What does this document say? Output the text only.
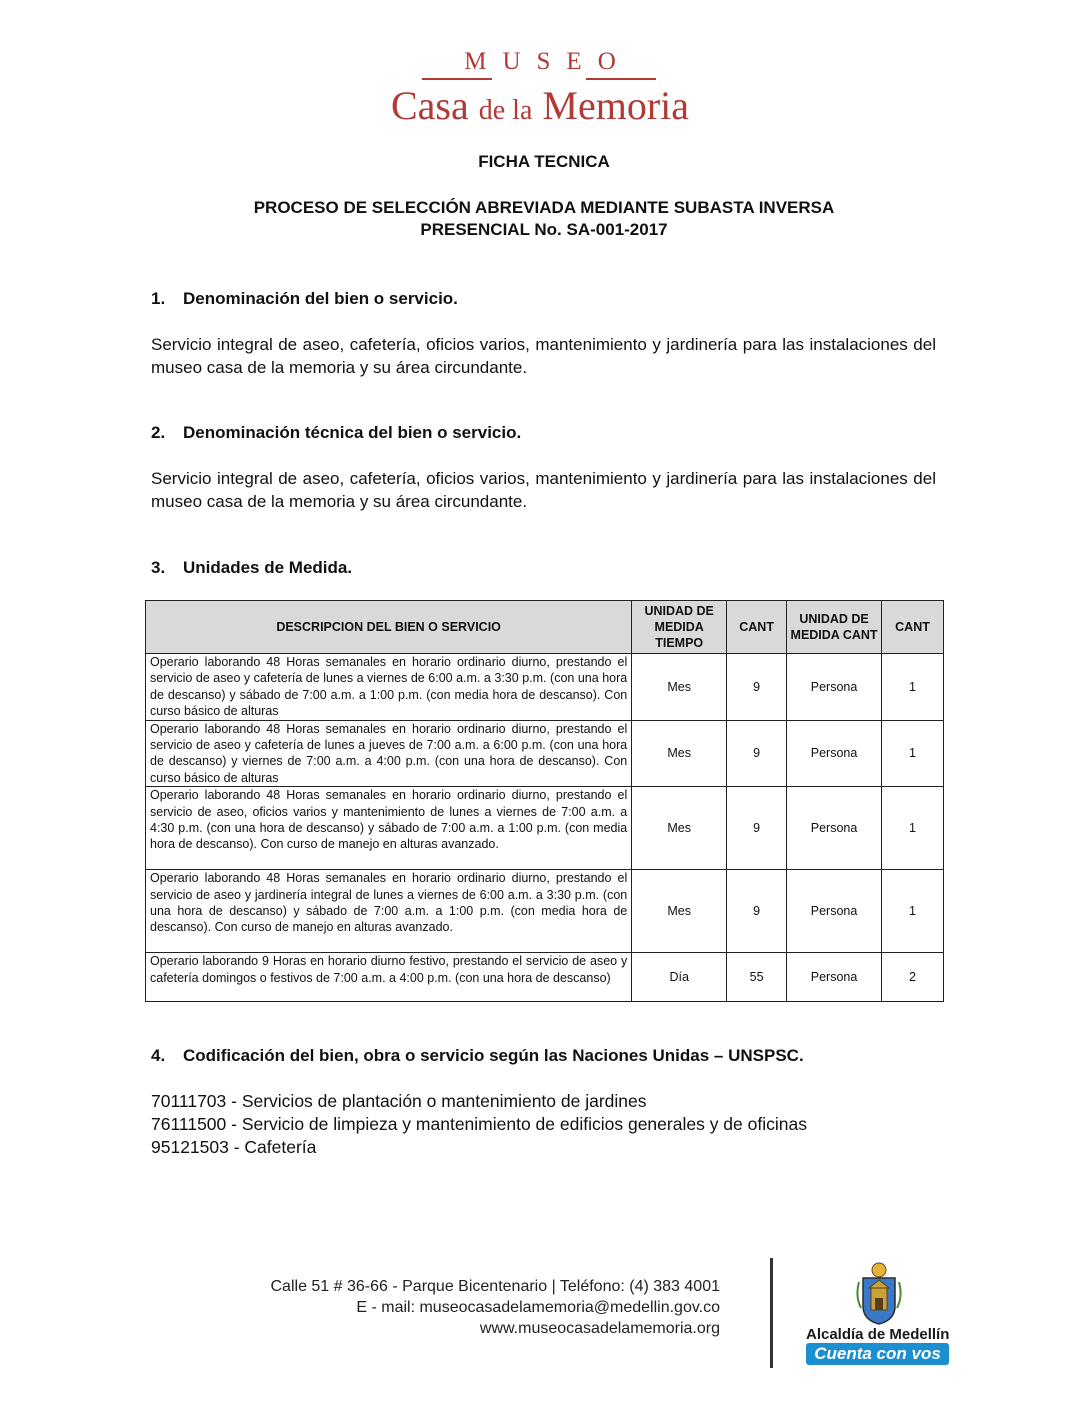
MUSEO
Casa de la Memoria
FICHA TECNICA
PROCESO DE SELECCIÓN ABREVIADA MEDIANTE SUBASTA INVERSA
PRESENCIAL No. SA-001-2017
1. Denominación del bien o servicio.
Servicio integral de aseo, cafetería, oficios varios, mantenimiento y jardinería para las instalaciones del museo casa de la memoria y su área circundante.
2. Denominación técnica del bien o servicio.
Servicio integral de aseo, cafetería, oficios varios, mantenimiento y jardinería para las instalaciones del museo casa de la memoria y su área circundante.
3. Unidades de Medida.
DESCRIPCION DEL BIEN O SERVICIO	UNIDAD DE MEDIDA TIEMPO	CANT	UNIDAD DE MEDIDA CANT	CANT
Operario laborando 48 Horas semanales en horario ordinario diurno, prestando el servicio de aseo y cafetería de lunes a viernes de 6:00 a.m. a 3:30 p.m. (con una hora de descanso) y sábado de 7:00 a.m. a 1:00 p.m. (con media hora de descanso). Con curso básico de alturas	Mes	9	Persona	1
Operario laborando 48 Horas semanales en horario ordinario diurno, prestando el servicio de aseo y cafetería de lunes a jueves de 7:00 a.m. a 6:00 p.m. (con una hora de descanso) y viernes de 7:00 a.m. a 4:00 p.m. (con una hora de descanso). Con curso básico de alturas	Mes	9	Persona	1
Operario laborando 48 Horas semanales en horario ordinario diurno, prestando el servicio de aseo, oficios varios y mantenimiento de lunes a viernes de 7:00 a.m. a 4:30 p.m. (con una hora de descanso) y sábado de 7:00 a.m. a 1:00 p.m. (con media hora de descanso). Con curso de manejo en alturas avanzado.	Mes	9	Persona	1
Operario laborando 48 Horas semanales en horario ordinario diurno, prestando el servicio de aseo y jardinería integral de lunes a viernes de 6:00 a.m. a 3:30 p.m. (con una hora de descanso) y sábado de 7:00 a.m. a 1:00 p.m. (con media hora de descanso). Con curso de manejo en alturas avanzado.	Mes	9	Persona	1
Operario laborando 9 Horas en horario diurno festivo, prestando el servicio de aseo y cafetería domingos o festivos de 7:00 a.m. a 4:00 p.m. (con una hora de descanso)	Día	55	Persona	2
4. Codificación del bien, obra o servicio según las Naciones Unidas – UNSPSC.
70111703 - Servicios de plantación o mantenimiento de jardines
76111500 - Servicio de limpieza y mantenimiento de edificios generales y de oficinas
95121503 - Cafetería
Calle 51 # 36-66 - Parque Bicentenario | Teléfono: (4) 383 4001
E - mail: museocasadelamemoria@medellin.gov.co
www.museocasadelamemoria.org	Alcaldía de Medellín
Cuenta con vos
